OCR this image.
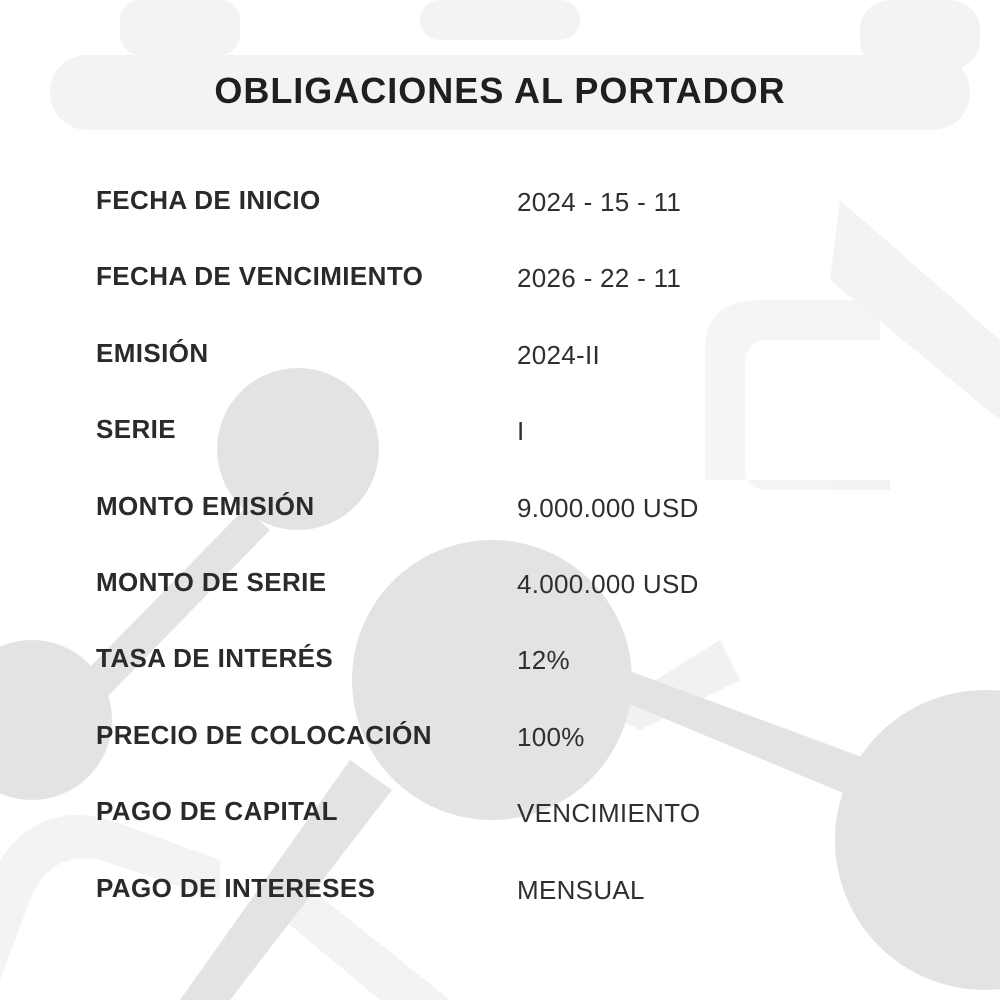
OBLIGACIONES AL PORTADOR
FECHA DE INICIO	2024 - 15 - 11
FECHA DE VENCIMIENTO	2026 - 22 - 11
EMISIÓN	2024-II
SERIE	I
MONTO EMISIÓN	9.000.000 USD
MONTO DE SERIE	4.000.000 USD
TASA DE INTERÉS	12%
PRECIO DE COLOCACIÓN	100%
PAGO DE CAPITAL	VENCIMIENTO
PAGO DE INTERESES	MENSUAL
